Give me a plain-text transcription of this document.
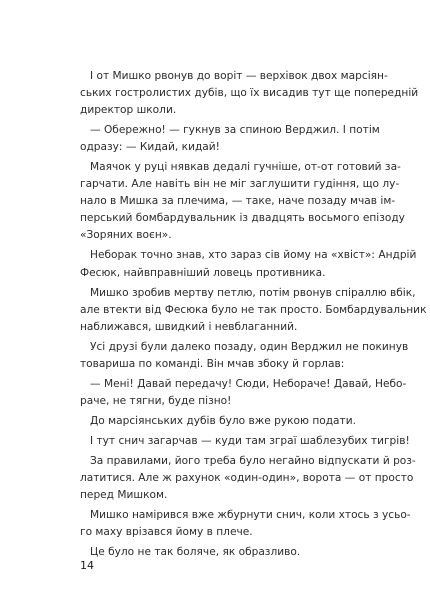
І от Мишко рвонув до воріт — верхівок двох марсіян-
ських гостролистих дубів, що їх висадив тут ще попередній
директор школи.

— Обережно! — гукнув за спиною Верджил. І потім
одразу: — Кидай, кидай!

Маячок у руці нявкав дедалі гучніше, от-от готовий за-
гарчати. Але навіть він не міг заглушити гудіння, що лу-
нало в Мишка за плечима, — таке, наче позаду мчав ім-
перський бомбардувальник із двадцять восьмого епізоду
«Зоряних воєн».

Неборак точно знав, хто зараз сів йому на «хвіст»: Андрій
Фесюк, найвправніший ловець противника.

Мишко зробив мертву петлю, потім рвонув спіраллю вбік,
але втекти від Фесюка було не так просто. Бомбардувальник
наближався, швидкий і невблаганний.

Усі друзі були далеко позаду, один Верджил не покинув
товариша по команді. Він мчав збоку й горлав:

— Мені! Давай передачу! Сюди, Небораче! Давай, Небо-
раче, не тягни, буде пізно!

До марсіянських дубів було вже рукою подати.

І тут снич загарчав — куди там зграї шаблезубих тигрів!

За правилами, його треба було негайно відпускати й роз-
латитися. Але ж рахунок «один-один», ворота — от просто
перед Мишком.

Мишко намірився вже жбурнути снич, коли хтось з усьо-
го маху врізався йому в плече.

Це було не так боляче, як образливо.

14
